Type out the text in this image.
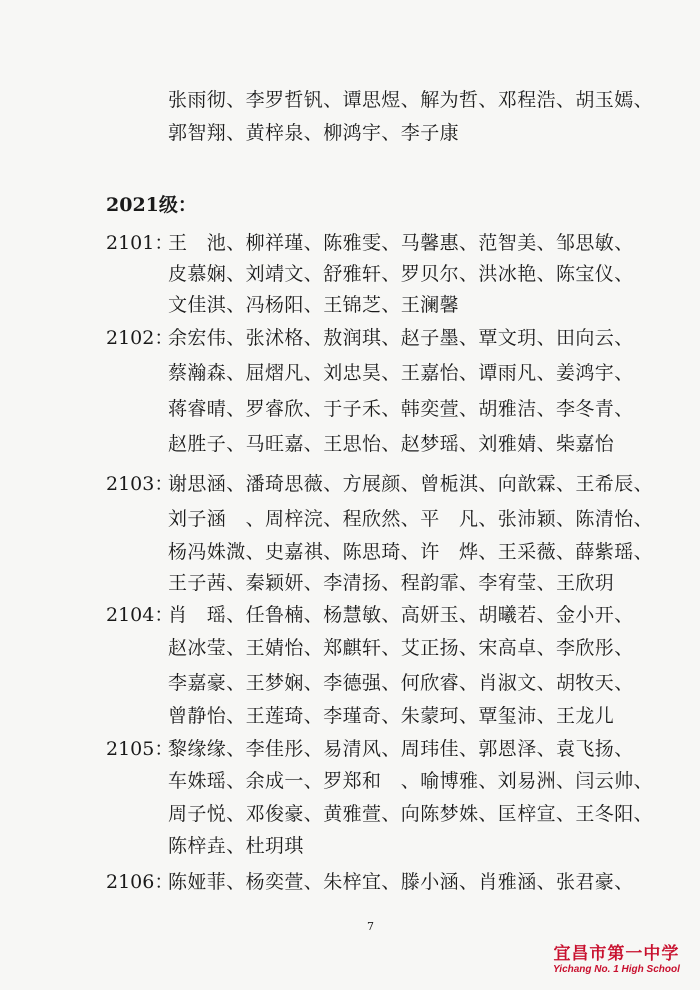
张雨彻、李罗哲钒、谭思煜、解为哲、邓程浩、胡玉嫣、
郭智翔、黄梓泉、柳鸿宇、李子康
2021级：
2101：
王　池、柳祥瑾、陈雅雯、马馨惠、范智美、邹思敏、
皮慕娴、刘靖文、舒雅轩、罗贝尔、洪冰艳、陈宝仪、
文佳淇、冯杨阳、王锦芝、王澜馨
2102：
余宏伟、张沭格、敖润琪、赵子墨、覃文玥、田向云、
蔡瀚森、屈熠凡、刘忠昊、王嘉怡、谭雨凡、姜鸿宇、
蒋睿晴、罗睿欣、于子禾、韩奕萱、胡雅洁、李冬青、
赵胜子、马旺嘉、王思怡、赵梦瑶、刘雅婧、柴嘉怡
2103：
谢思涵、潘琦思薇、方展颜、曾栀淇、向歆霖、王希辰、
刘子涵　、周梓浣、程欣然、平　凡、张沛颖、陈清怡、
杨冯姝溦、史嘉祺、陈思琦、许　烨、王采薇、薛紫瑶、
王子茜、秦颖妍、李清扬、程韵霏、李宥莹、王欣玥
2104：
肖　瑶、任鲁楠、杨慧敏、高妍玉、胡曦若、金小开、
赵冰莹、王婧怡、郑麒轩、艾正扬、宋高卓、李欣彤、
李嘉豪、王梦娴、李德强、何欣睿、肖淑文、胡牧天、
曾静怡、王莲琦、李瑾奇、朱蒙珂、覃玺沛、王龙儿
2105：
黎缘缘、李佳彤、易清风、周玮佳、郭恩泽、袁飞扬、
车姝瑶、余成一、罗郑和　、喻博雅、刘易洲、闫云帅、
周子悦、邓俊豪、黄雅萱、向陈梦姝、匡梓宣、王冬阳、
陈梓垚、杜玥琪
2106：
陈娅菲、杨奕萱、朱梓宜、滕小涵、肖雅涵、张君豪、
7
宜昌市第一中学
Yichang No. 1 High School
